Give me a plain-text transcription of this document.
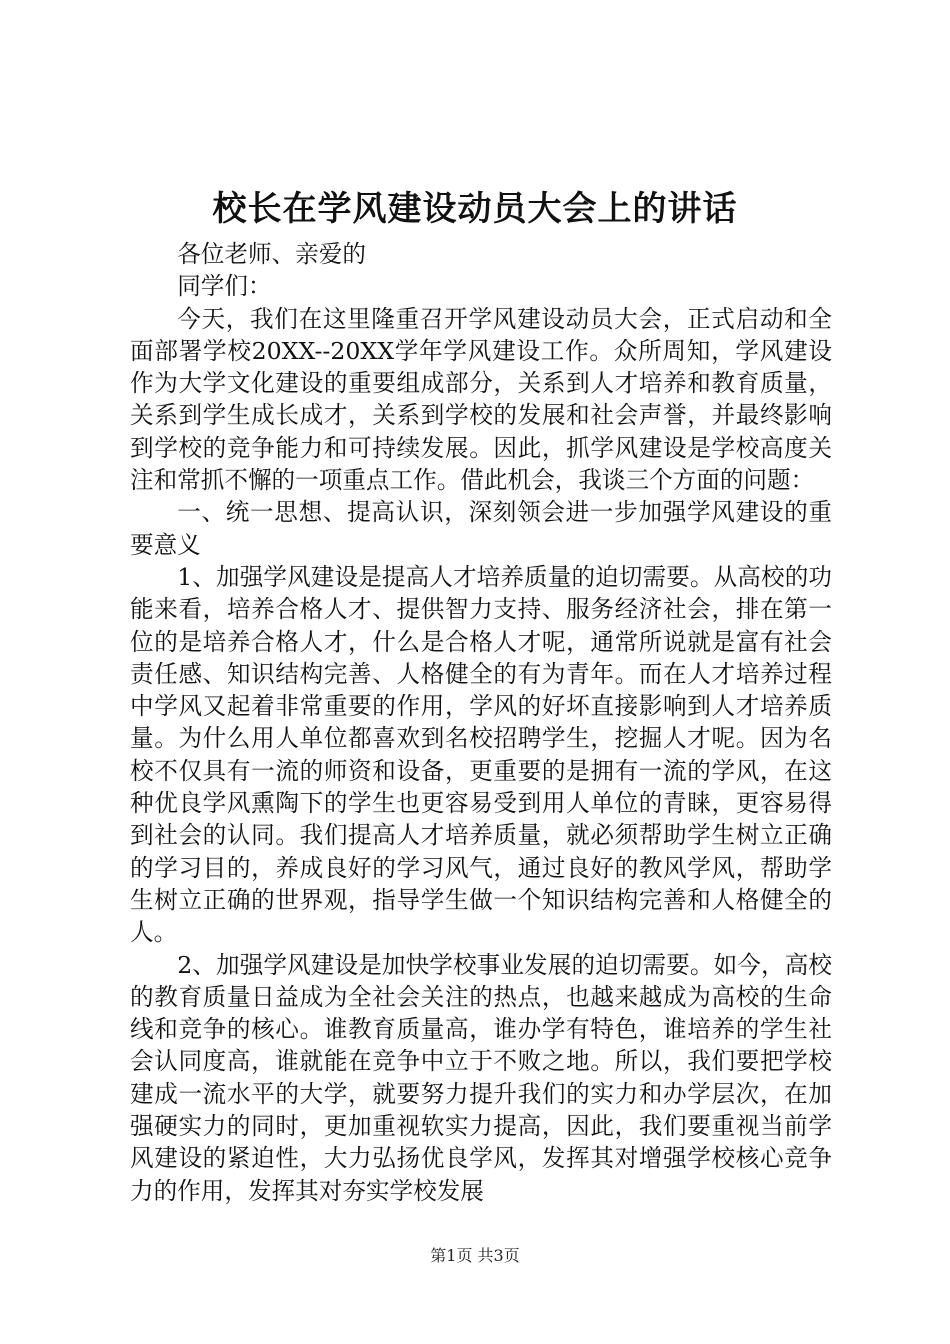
校长在学风建设动员大会上的讲话

各位老师、亲爱的

同学们：

今天，我们在这里隆重召开学风建设动员大会，正式启动和全面部署学校20XX--20XX学年学风建设工作。众所周知，学风建设作为大学文化建设的重要组成部分，关系到人才培养和教育质量，关系到学生成长成才，关系到学校的发展和社会声誉，并最终影响到学校的竞争能力和可持续发展。因此，抓学风建设是学校高度关注和常抓不懈的一项重点工作。借此机会，我谈三个方面的问题：

一、统一思想、提高认识，深刻领会进一步加强学风建设的重要意义

1、加强学风建设是提高人才培养质量的迫切需要。从高校的功能来看，培养合格人才、提供智力支持、服务经济社会，排在第一位的是培养合格人才，什么是合格人才呢，通常所说就是富有社会责任感、知识结构完善、人格健全的有为青年。而在人才培养过程中学风又起着非常重要的作用，学风的好坏直接影响到人才培养质量。为什么用人单位都喜欢到名校招聘学生，挖掘人才呢。因为名校不仅具有一流的师资和设备，更重要的是拥有一流的学风，在这种优良学风熏陶下的学生也更容易受到用人单位的青睐，更容易得到社会的认同。我们提高人才培养质量，就必须帮助学生树立正确的学习目的，养成良好的学习风气，通过良好的教风学风，帮助学生树立正确的世界观，指导学生做一个知识结构完善和人格健全的人。

2、加强学风建设是加快学校事业发展的迫切需要。如今，高校的教育质量日益成为全社会关注的热点，也越来越成为高校的生命线和竞争的核心。谁教育质量高，谁办学有特色，谁培养的学生社会认同度高，谁就能在竞争中立于不败之地。所以，我们要把学校建成一流水平的大学，就要努力提升我们的实力和办学层次，在加强硬实力的同时，更加重视软实力提高，因此，我们要重视当前学风建设的紧迫性，大力弘扬优良学风，发挥其对增强学校核心竞争力的作用，发挥其对夯实学校发展

第1页 共3页
